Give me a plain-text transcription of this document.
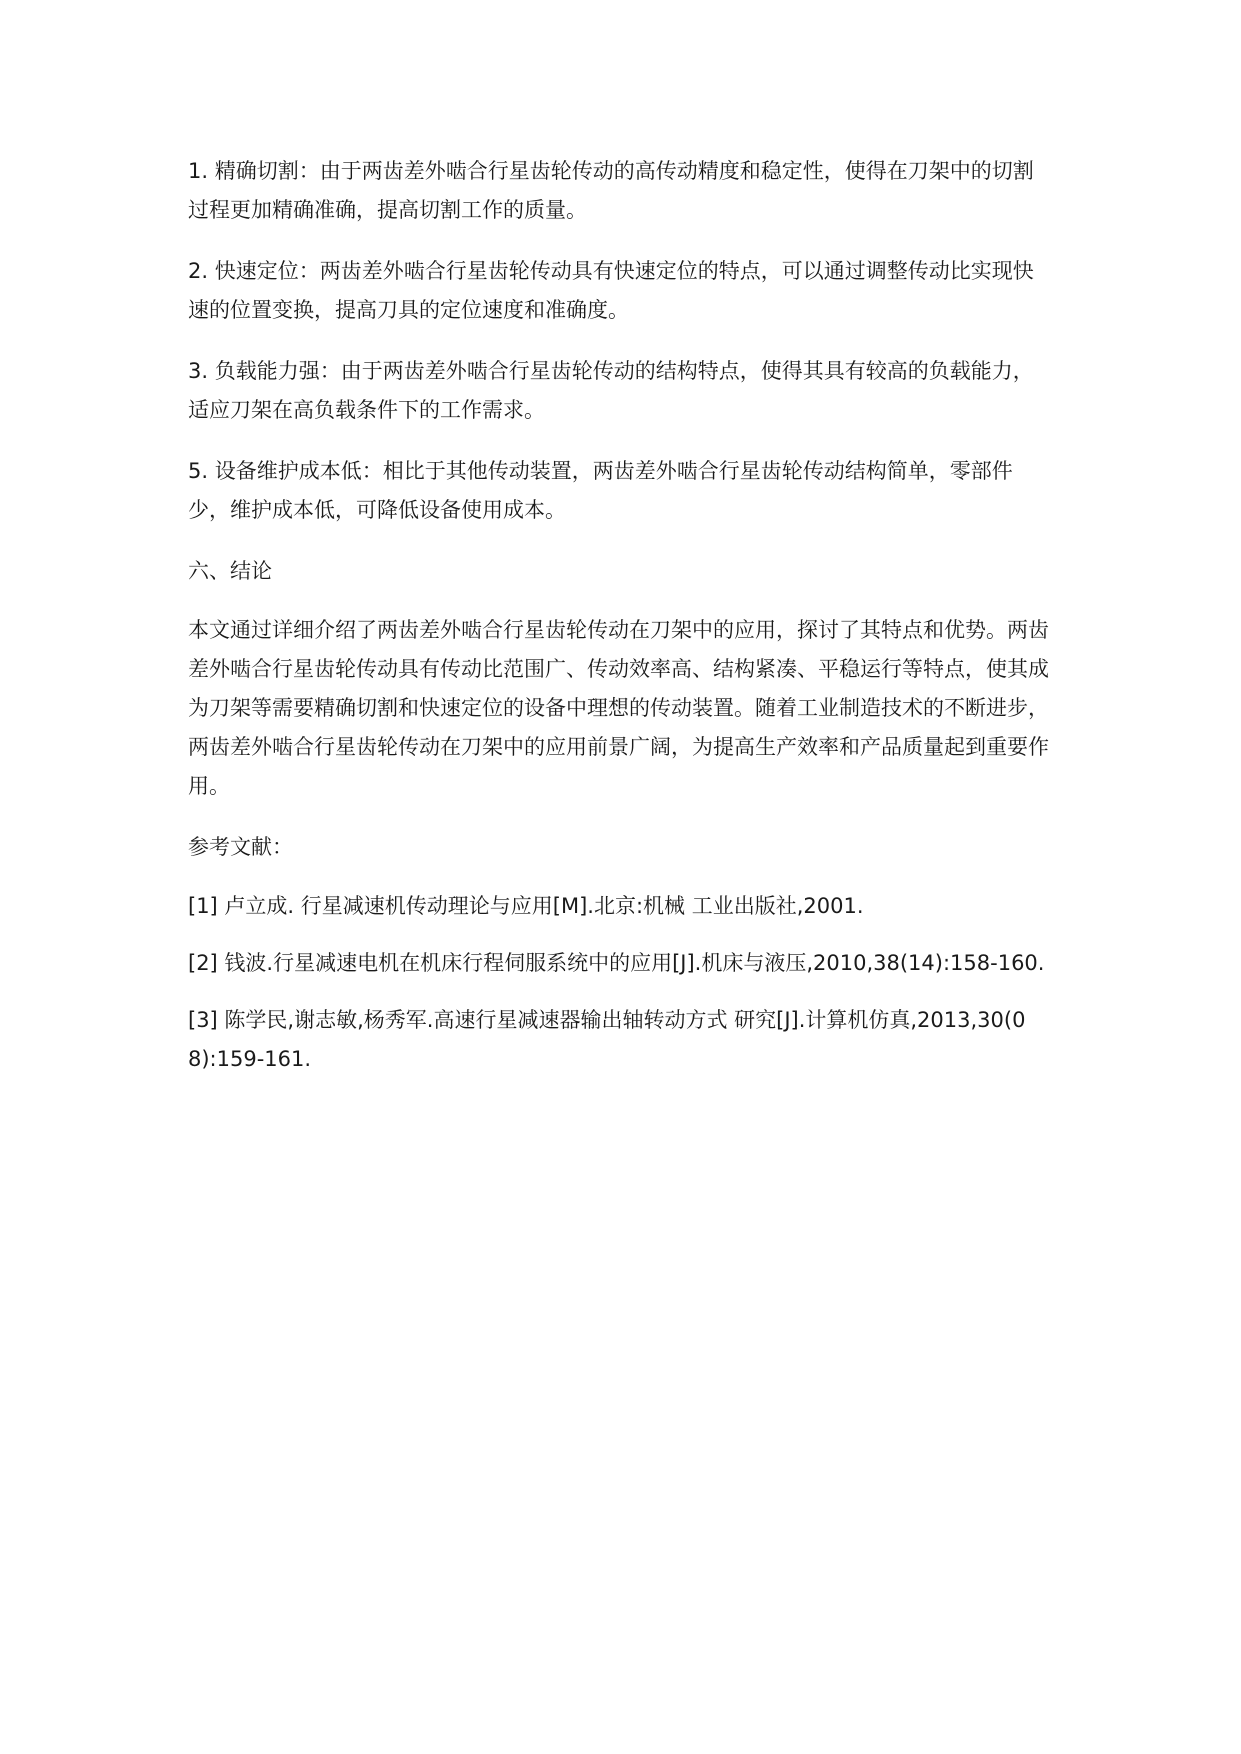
1. 精确切割：由于两齿差外啮合行星齿轮传动的高传动精度和稳定性，使得在刀架中的切割过程更加精确准确，提高切割工作的质量。

2. 快速定位：两齿差外啮合行星齿轮传动具有快速定位的特点，可以通过调整传动比实现快速的位置变换，提高刀具的定位速度和准确度。

3. 负载能力强：由于两齿差外啮合行星齿轮传动的结构特点，使得其具有较高的负载能力，适应刀架在高负载条件下的工作需求。

5. 设备维护成本低：相比于其他传动装置，两齿差外啮合行星齿轮传动结构简单，零部件少，维护成本低，可降低设备使用成本。

六、结论

本文通过详细介绍了两齿差外啮合行星齿轮传动在刀架中的应用，探讨了其特点和优势。两齿差外啮合行星齿轮传动具有传动比范围广、传动效率高、结构紧凑、平稳运行等特点，使其成为刀架等需要精确切割和快速定位的设备中理想的传动装置。随着工业制造技术的不断进步，两齿差外啮合行星齿轮传动在刀架中的应用前景广阔，为提高生产效率和产品质量起到重要作用。

参考文献：

[1] 卢立成. 行星减速机传动理论与应用[M].北京:机械 工业出版社,2001.

[2] 钱波.行星减速电机在机床行程伺服系统中的应用[J].机床与液压,2010,38(14):158-160.

[3] 陈学民,谢志敏,杨秀军.高速行星减速器输出轴转动方式 研究[J].计算机仿真,2013,30(08):159-161.
